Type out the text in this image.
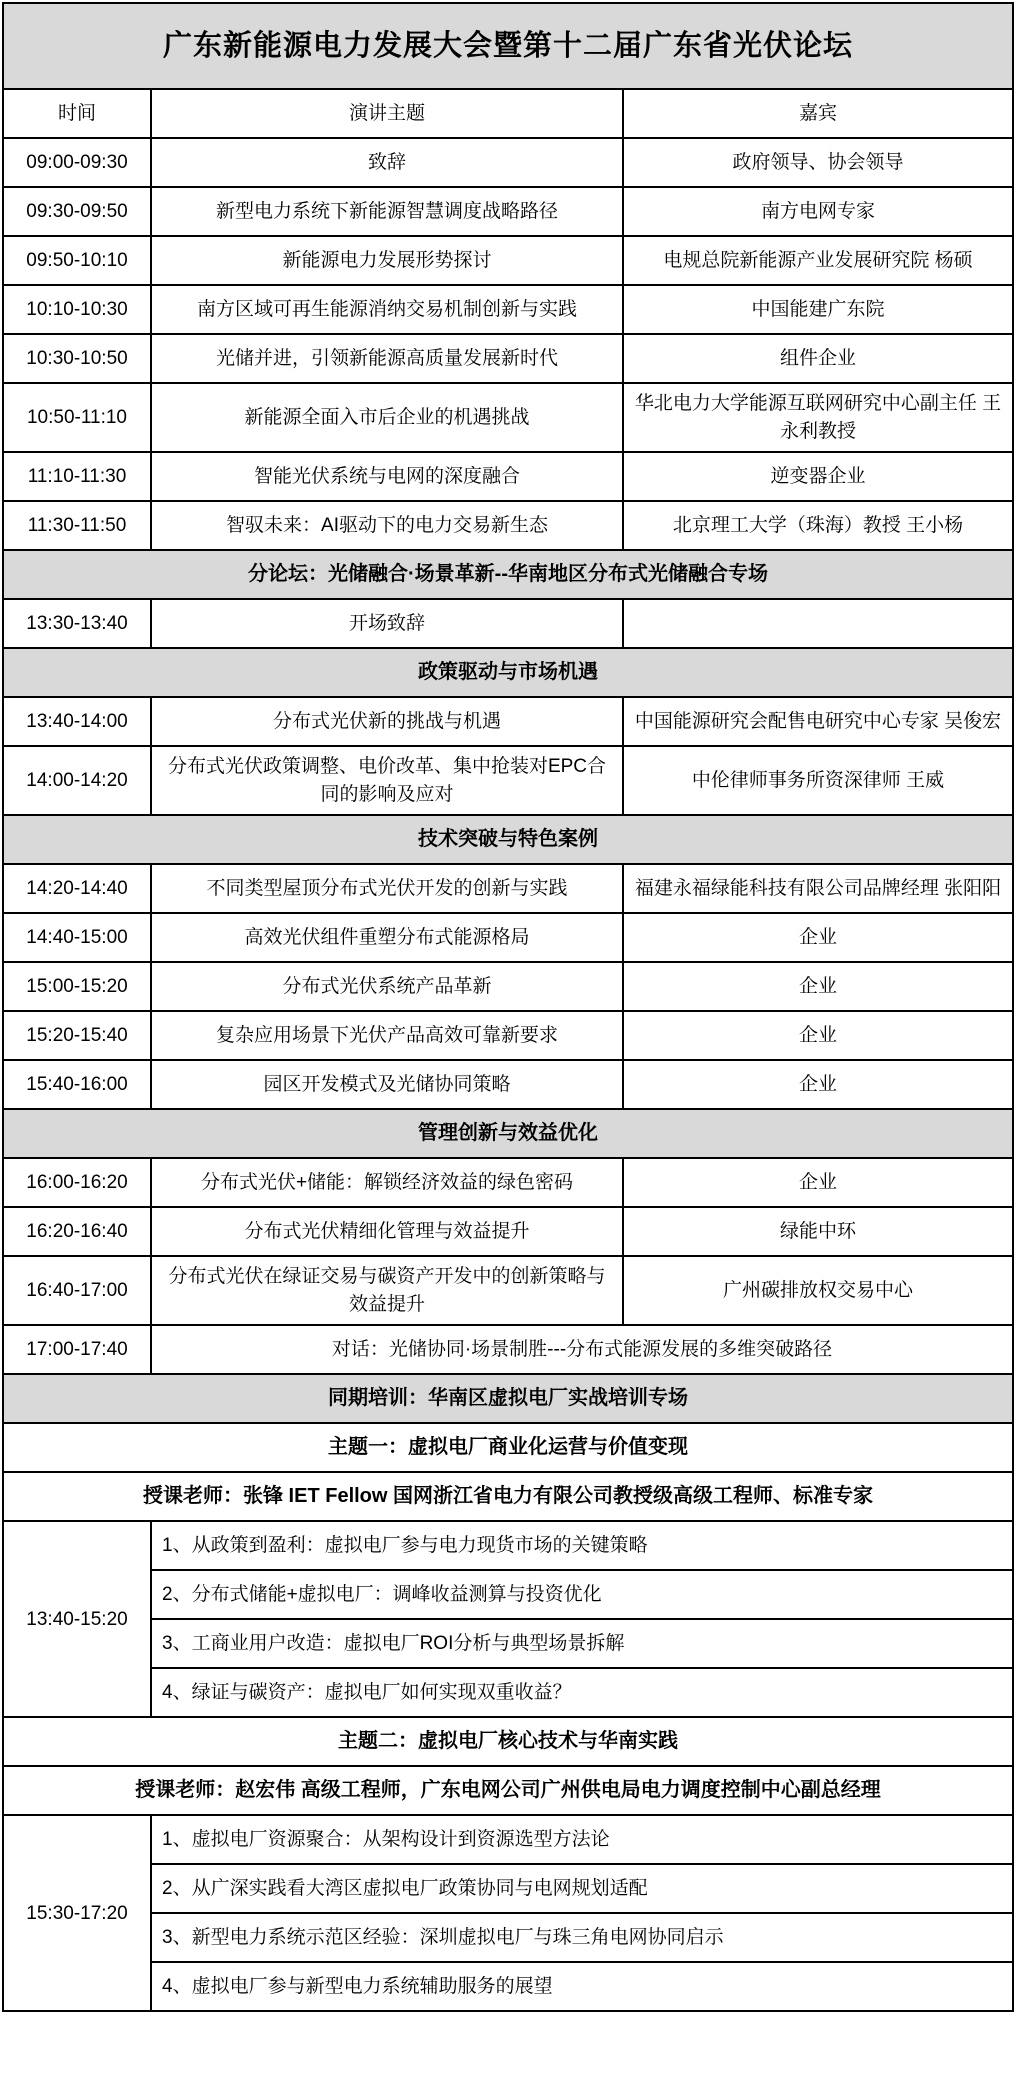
广东新能源电力发展大会暨第十二届广东省光伏论坛		
时间	演讲主题	嘉宾
09:00-09:30	致辞	政府领导、协会领导
09:30-09:50	新型电力系统下新能源智慧调度战略路径	南方电网专家
09:50-10:10	新能源电力发展形势探讨	电规总院新能源产业发展研究院 杨硕
10:10-10:30	南方区域可再生能源消纳交易机制创新与实践	中国能建广东院
10:30-10:50	光储并进，引领新能源高质量发展新时代	组件企业
10:50-11:10	新能源全面入市后企业的机遇挑战	华北电力大学能源互联网研究中心副主任 王永利教授
11:10-11:30	智能光伏系统与电网的深度融合	逆变器企业
11:30-11:50	智驭未来：AI驱动下的电力交易新生态	北京理工大学（珠海）教授 王小杨
分论坛：光储融合·场景革新--华南地区分布式光储融合专场		
13:30-13:40	开场致辞	
政策驱动与市场机遇		
13:40-14:00	分布式光伏新的挑战与机遇	中国能源研究会配售电研究中心专家 吴俊宏
14:00-14:20	分布式光伏政策调整、电价改革、集中抢装对EPC合同的影响及应对	中伦律师事务所资深律师 王威
技术突破与特色案例		
14:20-14:40	不同类型屋顶分布式光伏开发的创新与实践	福建永福绿能科技有限公司品牌经理 张阳阳
14:40-15:00	高效光伏组件重塑分布式能源格局	企业
15:00-15:20	分布式光伏系统产品革新	企业
15:20-15:40	复杂应用场景下光伏产品高效可靠新要求	企业
15:40-16:00	园区开发模式及光储协同策略	企业
管理创新与效益优化		
16:00-16:20	分布式光伏+储能：解锁经济效益的绿色密码	企业
16:20-16:40	分布式光伏精细化管理与效益提升	绿能中环
16:40-17:00	分布式光伏在绿证交易与碳资产开发中的创新策略与效益提升	广州碳排放权交易中心
17:00-17:40	对话：光储协同·场景制胜---分布式能源发展的多维突破路径	
同期培训：华南区虚拟电厂实战培训专场		
主题一：虚拟电厂商业化运营与价值变现		
授课老师：张锋 IET Fellow 国网浙江省电力有限公司教授级高级工程师、标准专家		
13:40-15:20	1、从政策到盈利：虚拟电厂参与电力现货市场的关键策略	
	2、分布式储能+虚拟电厂：调峰收益测算与投资优化	
	3、工商业用户改造：虚拟电厂ROI分析与典型场景拆解	
	4、绿证与碳资产：虚拟电厂如何实现双重收益？	
主题二：虚拟电厂核心技术与华南实践		
授课老师：赵宏伟 高级工程师，广东电网公司广州供电局电力调度控制中心副总经理		
15:30-17:20	1、虚拟电厂资源聚合：从架构设计到资源选型方法论	
	2、从广深实践看大湾区虚拟电厂政策协同与电网规划适配	
	3、新型电力系统示范区经验：深圳虚拟电厂与珠三角电网协同启示	
	4、虚拟电厂参与新型电力系统辅助服务的展望	
